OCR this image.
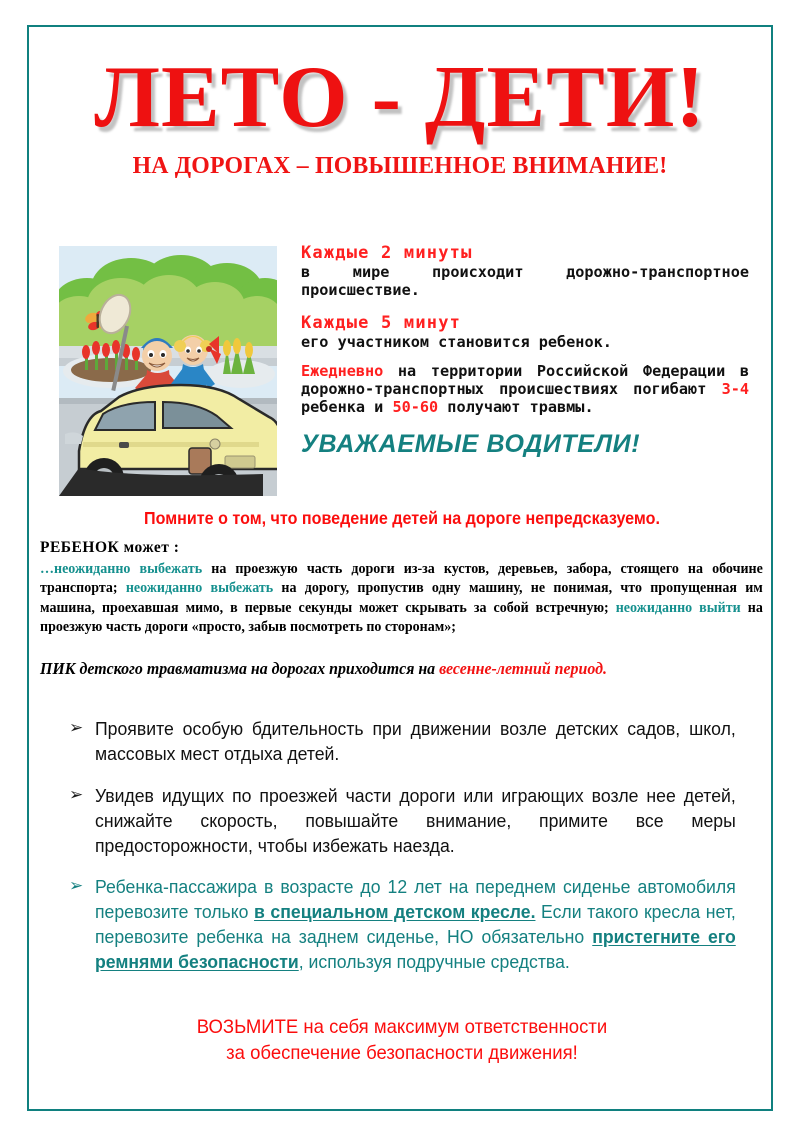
ЛЕТО - ДЕТИ!
НА ДОРОГАХ – ПОВЫШЕННОЕ ВНИМАНИЕ!
Каждые 2 минуты
в мире происходит дорожно-транспортное происшествие.
Каждые 5 минут
его участником становится ребенок.
Ежедневно на территории Российской Федерации в дорожно-транспортных происшествиях погибают 3-4 ребенка и 50-60 получают травмы.
УВАЖАЕМЫЕ ВОДИТЕЛИ!
Помните о том, что поведение детей на дороге непредсказуемо.
РЕБЕНОК может :
…неожиданно выбежать на проезжую часть дороги из-за кустов, деревьев, забора, стоящего на обочине транспорта; неожиданно выбежать на дорогу, пропустив одну машину, не понимая, что пропущенная им машина, проехавшая мимо, в первые секунды может скрывать за собой встречную; неожиданно выйти на проезжую часть дороги «просто, забыв посмотреть по сторонам»;
ПИК детского травматизма на дорогах приходится на весенне-летний период.
➢ Проявите особую бдительность при движении возле детских садов, школ, массовых мест отдыха детей.
➢ Увидев идущих по проезжей части дороги или играющих возле нее детей, снижайте скорость, повышайте внимание, примите все меры предосторожности, чтобы избежать наезда.
➢ Ребенка-пассажира в возрасте до 12 лет на переднем сиденье автомобиля перевозите только в специальном детском кресле. Если такого кресла нет, перевозите ребенка на заднем сиденье, НО обязательно пристегните его ремнями безопасности, используя подручные средства.
ВОЗЬМИТЕ на себя максимум ответственности
за обеспечение безопасности движения!
